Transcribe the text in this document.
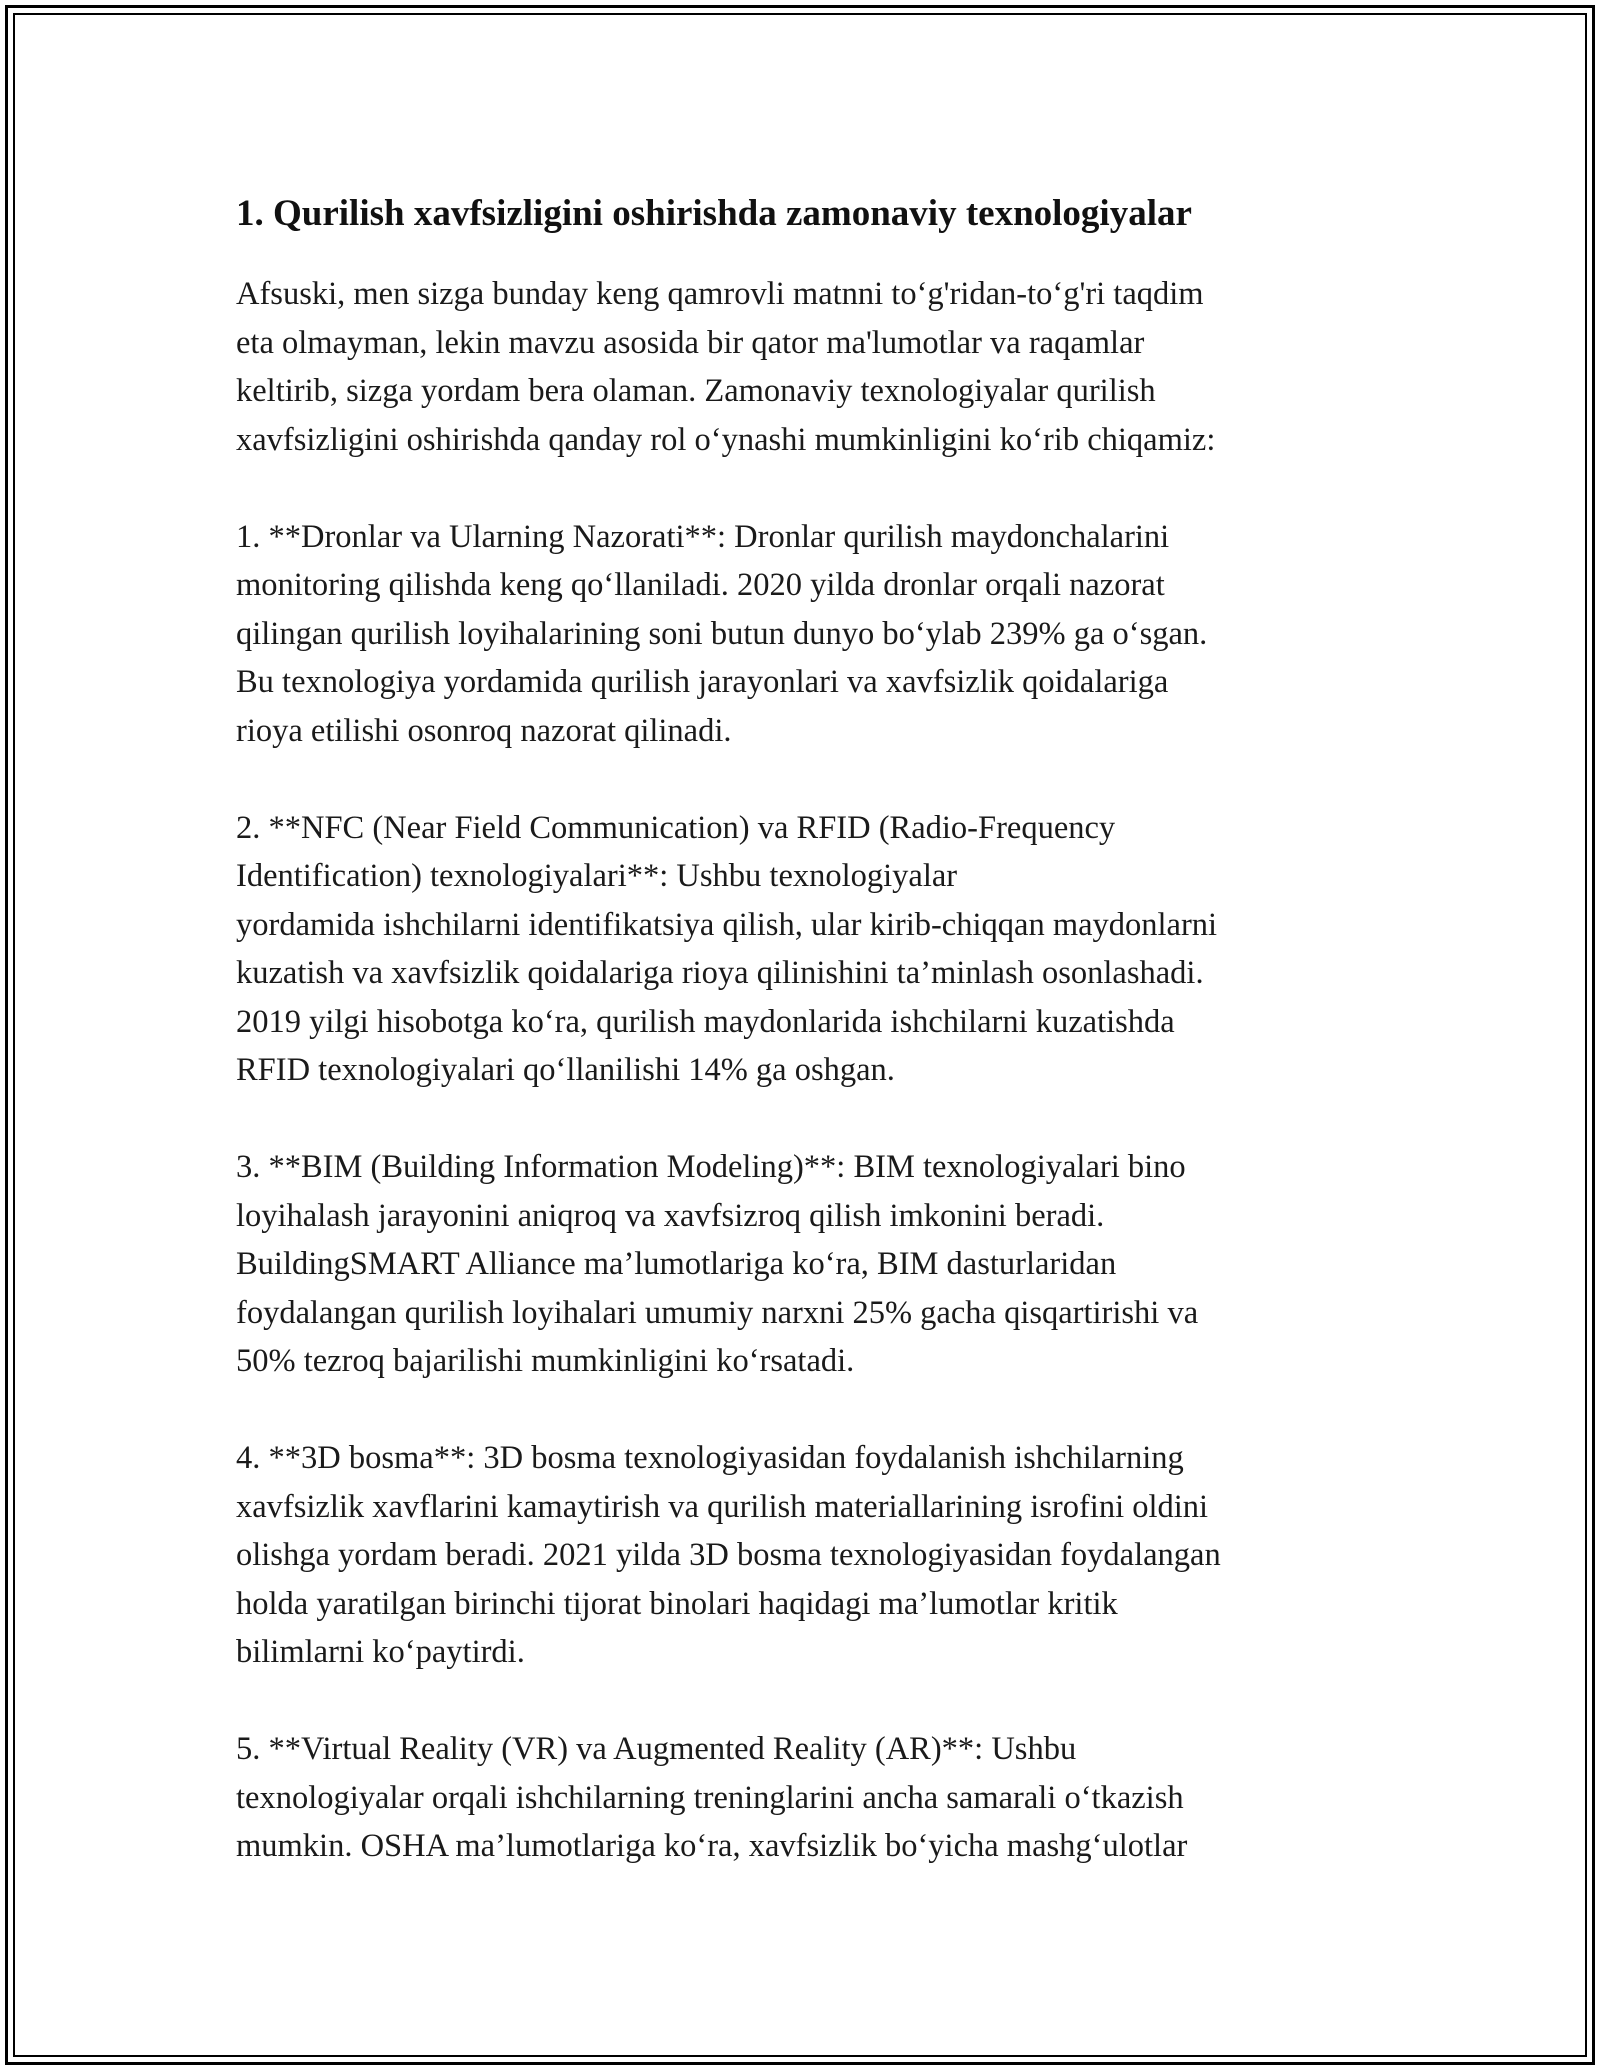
1. Qurilish xavfsizligini oshirishda zamonaviy texnologiyalar

Afsuski, men sizga bunday keng qamrovli matnni to‘g'ridan-to‘g'ri taqdim
eta olmayman, lekin mavzu asosida bir qator ma'lumotlar va raqamlar
keltirib, sizga yordam bera olaman. Zamonaviy texnologiyalar qurilish
xavfsizligini oshirishda qanday rol o‘ynashi mumkinligini ko‘rib chiqamiz:

1. **Dronlar va Ularning Nazorati**: Dronlar qurilish maydonchalarini
monitoring qilishda keng qo‘llaniladi. 2020 yilda dronlar orqali nazorat
qilingan qurilish loyihalarining soni butun dunyo bo‘ylab 239% ga o‘sgan.
Bu texnologiya yordamida qurilish jarayonlari va xavfsizlik qoidalariga
rioya etilishi osonroq nazorat qilinadi.

2. **NFC (Near Field Communication) va RFID (Radio-Frequency
Identification) texnologiyalari**: Ushbu texnologiyalar
yordamida ishchilarni identifikatsiya qilish, ular kirib-chiqqan maydonlarni
kuzatish va xavfsizlik qoidalariga rioya qilinishini ta’minlash osonlashadi.
2019 yilgi hisobotga ko‘ra, qurilish maydonlarida ishchilarni kuzatishda
RFID texnologiyalari qo‘llanilishi 14% ga oshgan.

3. **BIM (Building Information Modeling)**: BIM texnologiyalari bino
loyihalash jarayonini aniqroq va xavfsizroq qilish imkonini beradi.
BuildingSMART Alliance ma’lumotlariga ko‘ra, BIM dasturlaridan
foydalangan qurilish loyihalari umumiy narxni 25% gacha qisqartirishi va
50% tezroq bajarilishi mumkinligini ko‘rsatadi.

4. **3D bosma**: 3D bosma texnologiyasidan foydalanish ishchilarning
xavfsizlik xavflarini kamaytirish va qurilish materiallarining isrofini oldini
olishga yordam beradi. 2021 yilda 3D bosma texnologiyasidan foydalangan
holda yaratilgan birinchi tijorat binolari haqidagi ma’lumotlar kritik
bilimlarni ko‘paytirdi.

5. **Virtual Reality (VR) va Augmented Reality (AR)**: Ushbu
texnologiyalar orqali ishchilarning treninglarini ancha samarali o‘tkazish
mumkin. OSHA ma’lumotlariga ko‘ra, xavfsizlik bo‘yicha mashg‘ulotlar
